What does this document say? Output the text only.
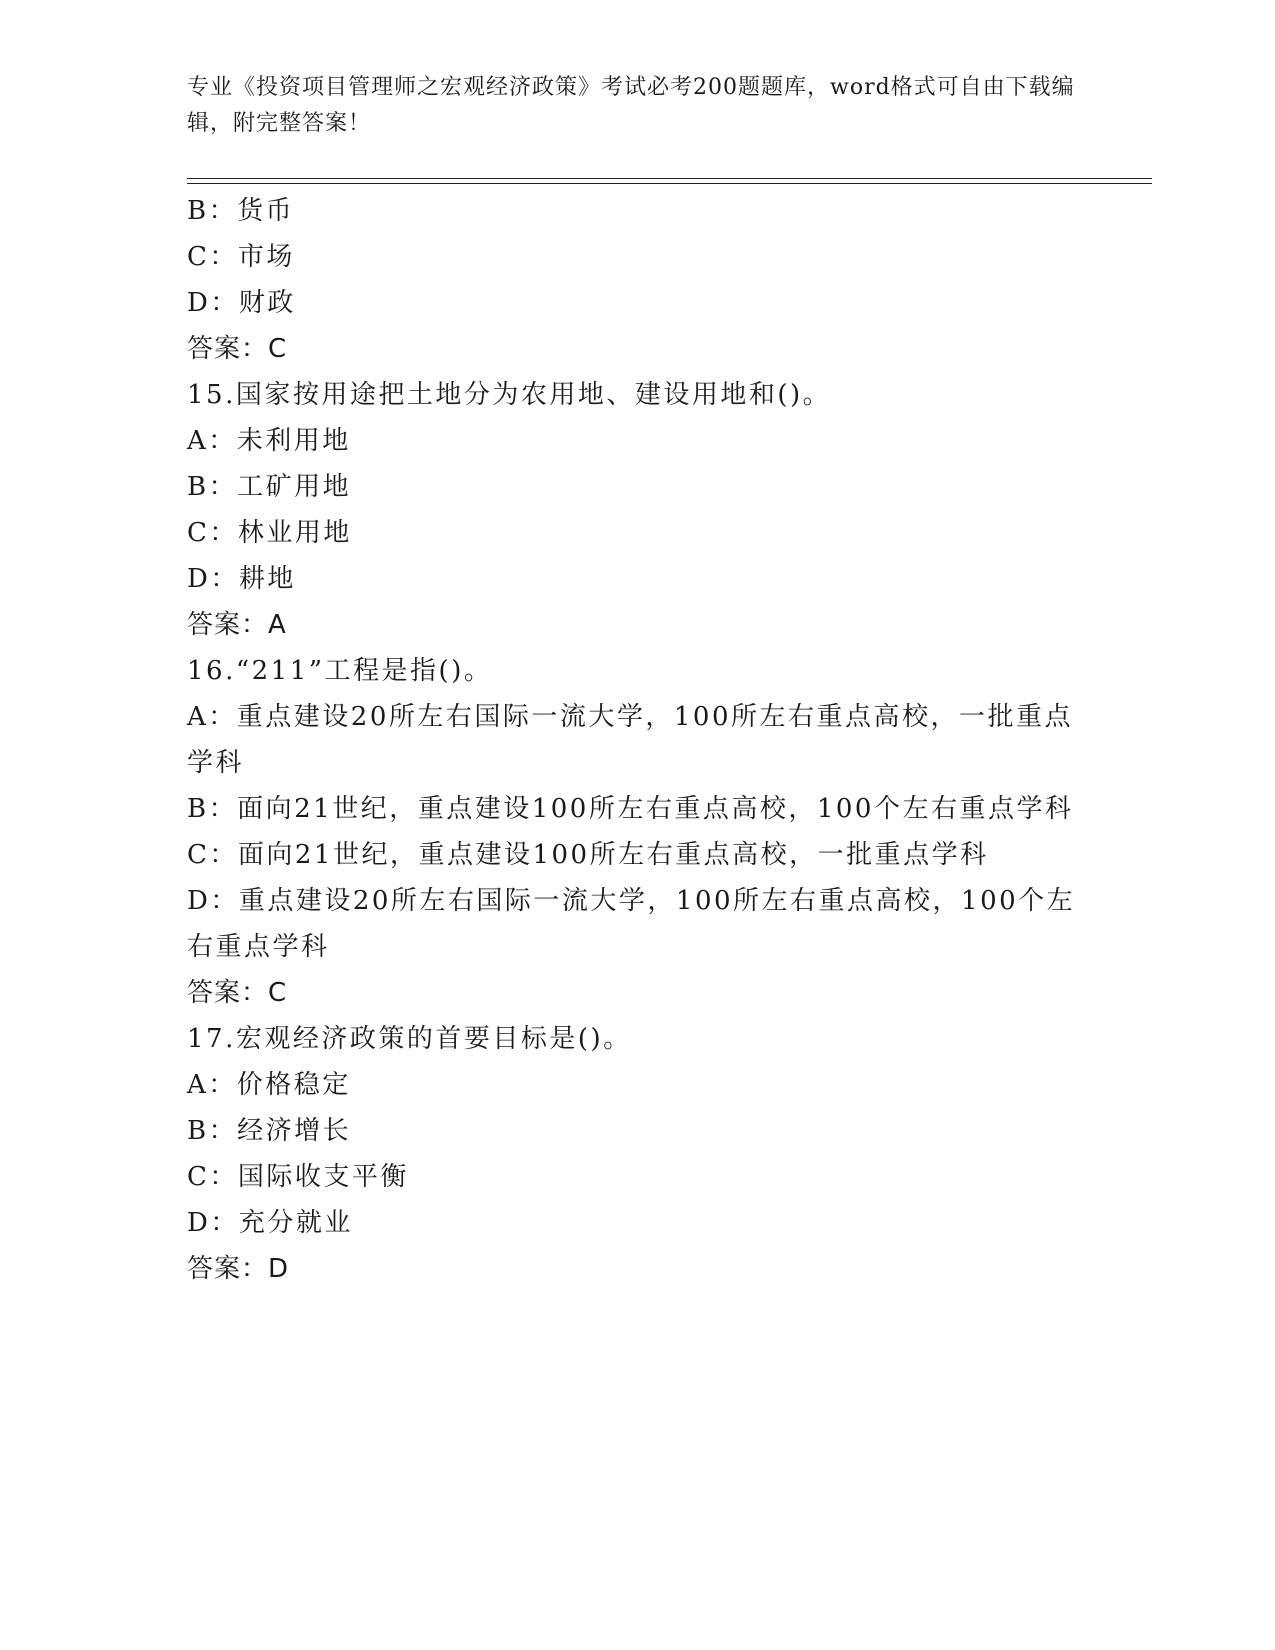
专业《投资项目管理师之宏观经济政策》考试必考200题题库，word格式可自由下载编辑，附完整答案！

B：货币

C：市场

D：财政

答案：C

15.国家按用途把土地分为农用地、建设用地和()。

A：未利用地

B：工矿用地

C：林业用地

D：耕地

答案：A

16.“211”工程是指()。

A：重点建设20所左右国际一流大学，100所左右重点高校，一批重点学科

B：面向21世纪，重点建设100所左右重点高校，100个左右重点学科

C：面向21世纪，重点建设100所左右重点高校，一批重点学科

D：重点建设20所左右国际一流大学，100所左右重点高校，100个左右重点学科

答案：C

17.宏观经济政策的首要目标是()。

A：价格稳定

B：经济增长

C：国际收支平衡

D：充分就业

答案：D
